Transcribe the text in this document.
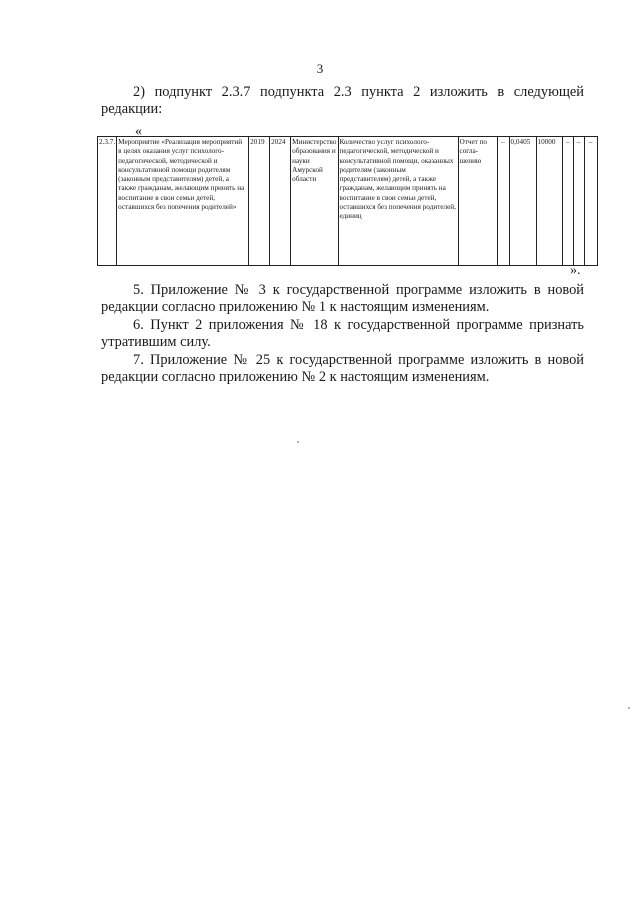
3

2) подпункт 2.3.7 подпункта 2.3 пункта 2 изложить в следующей редакции:

«
2.3.7.	Мероприятие «Реализация мероприятий в целях оказания услуг психолого-педагогической, методической и консультативной помощи родителям (законным представителям) детей, а также гражданам, желающим принять на воспитание в свои семьи детей, оставшихся без попечения родителей»	2019	2024	Министерство образования и науки Амурской области	Количество услуг психолого-педагогической, методической и консультативной помощи, оказанных родителям (законным представителям) детей, а также гражданам, желающим принять на воспитание в свои семьи детей, оставшихся без попечения родителей, единиц	Отчет по согла-шению	–	0,0405	10000	–	–	–
».

5. Приложение № 3 к государственной программе изложить в новой редакции согласно приложению № 1 к настоящим изменениям.

6. Пункт 2 приложения № 18 к государственной программе признать утратившим силу.

7. Приложение № 25 к государственной программе изложить в новой редакции согласно приложению № 2 к настоящим изменениям.
